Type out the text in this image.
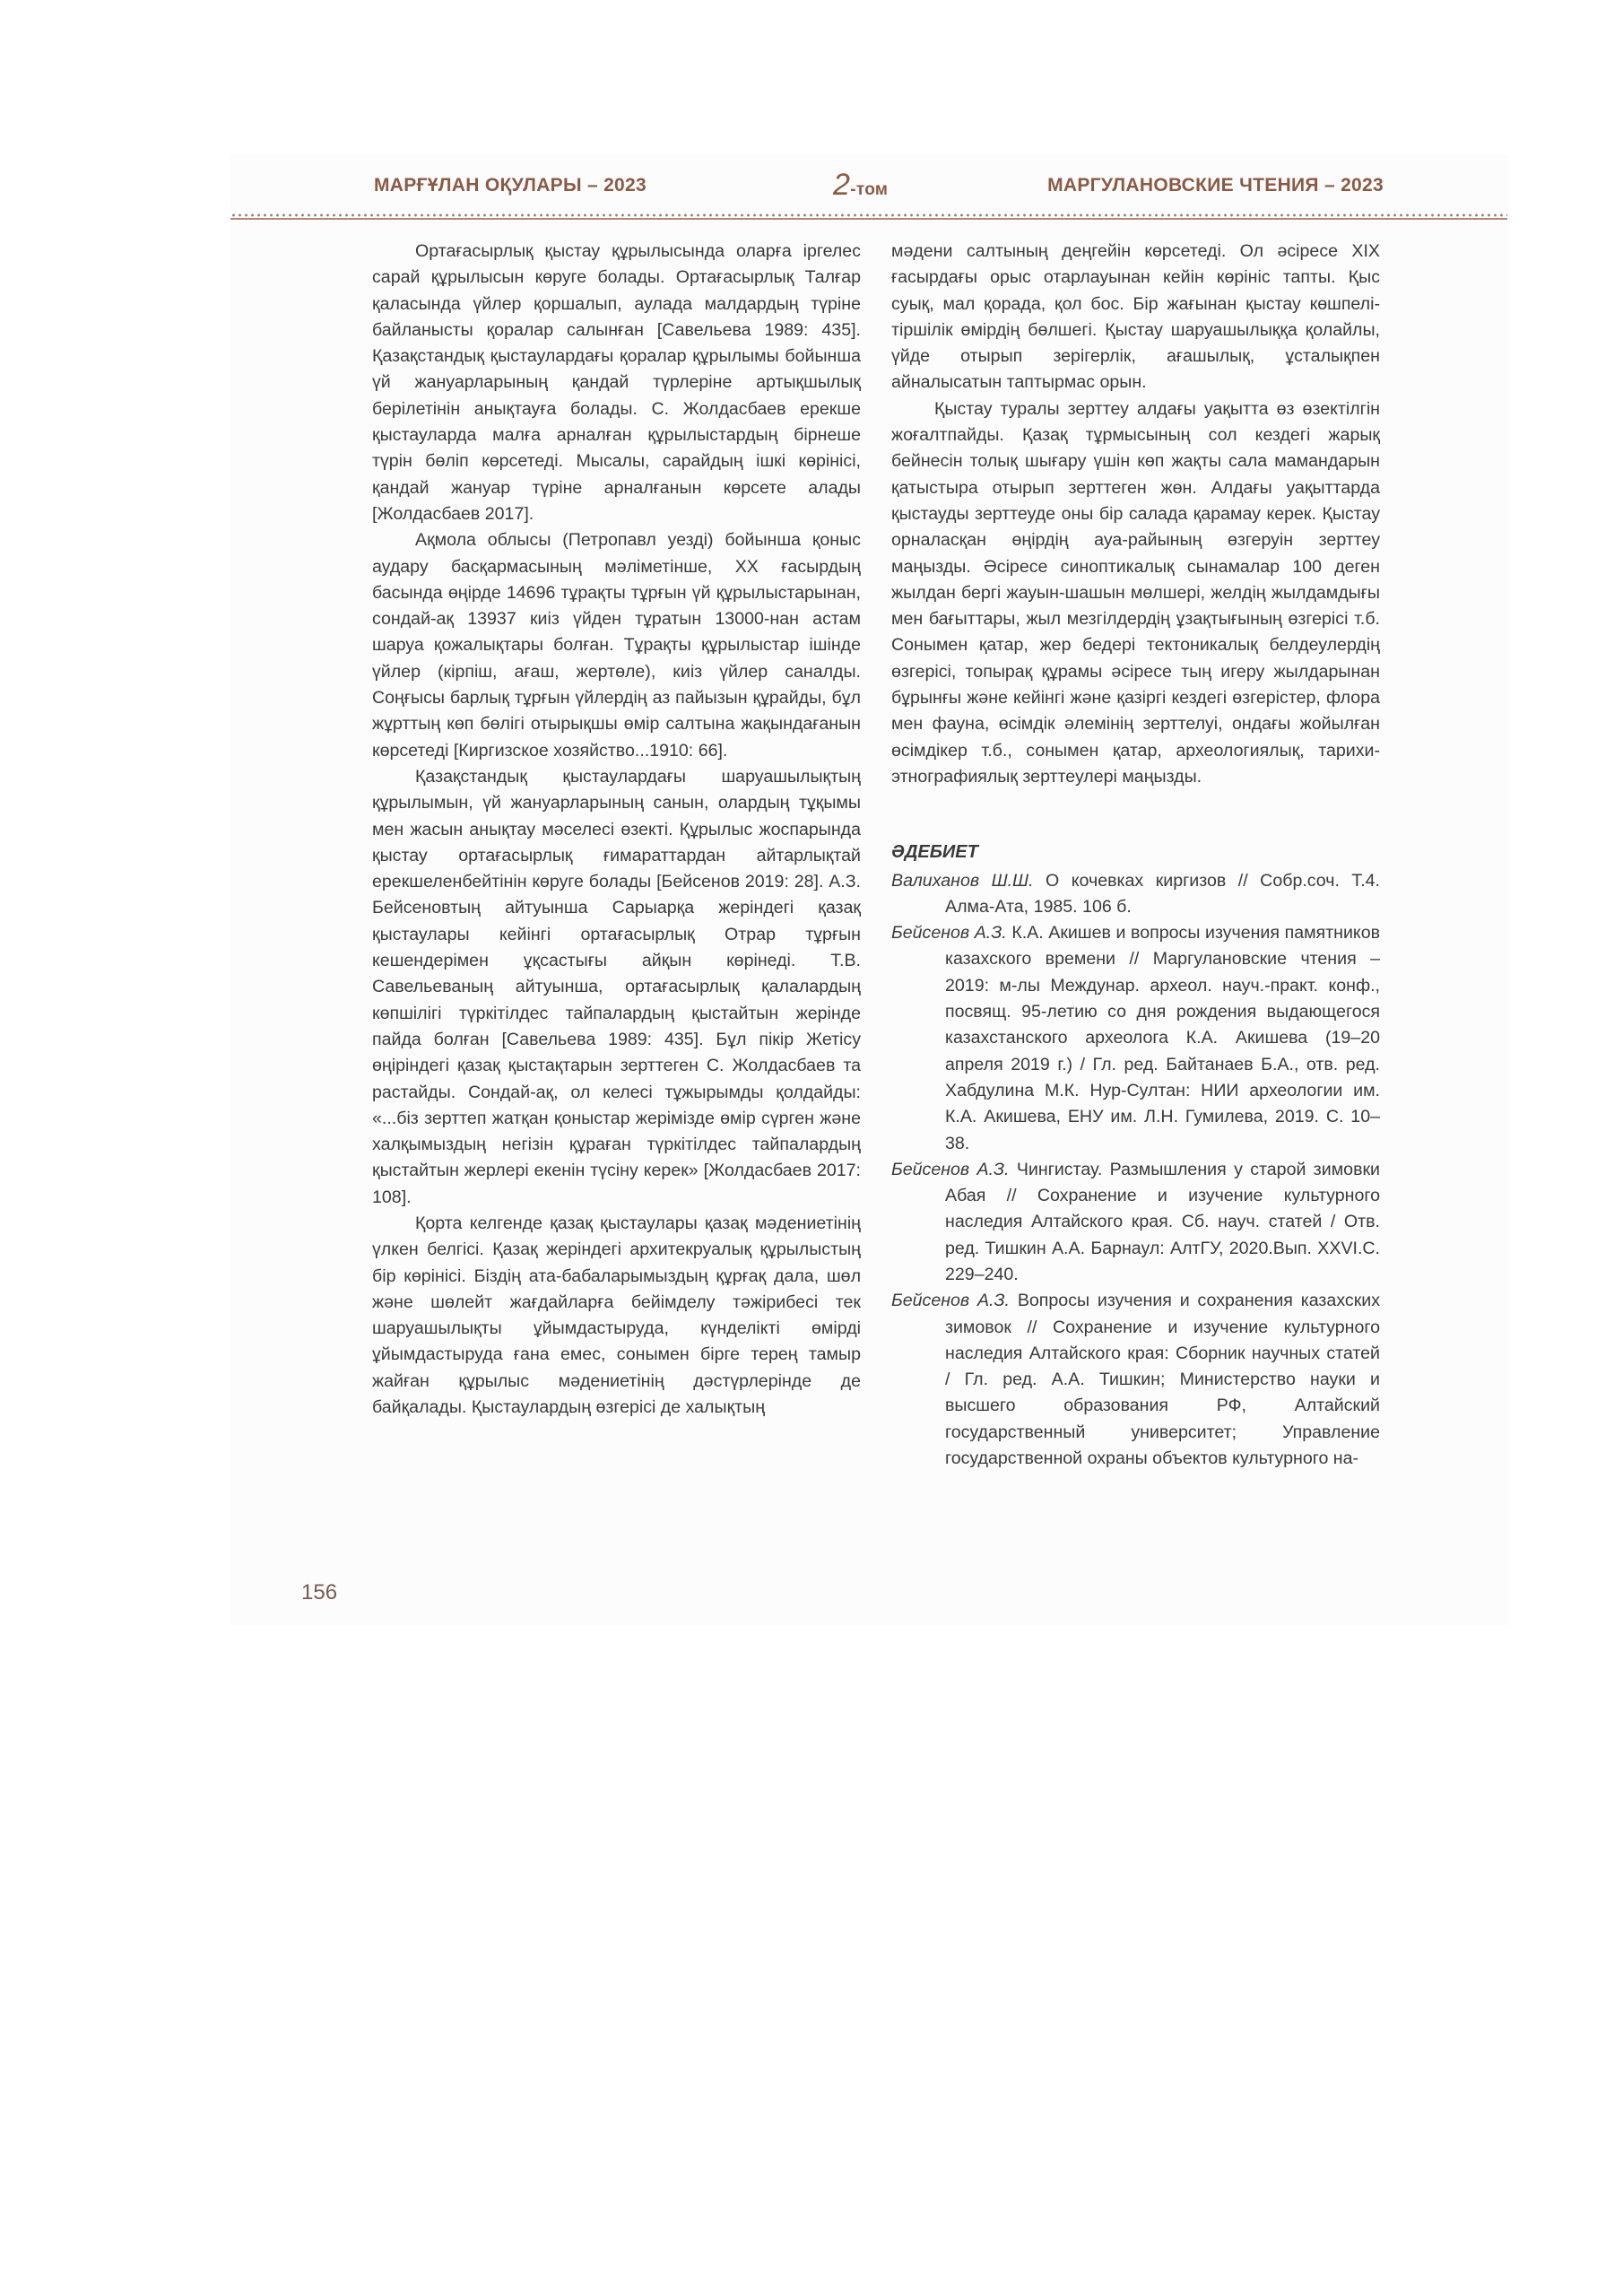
МАРҒҰЛАН ОҚУЛАРЫ – 2023	2-том	МАРГУЛАНОВСКИЕ ЧТЕНИЯ – 2023

Ортағасырлық қыстау құрылысында оларға іргелес сарай құрылысын көруге болады. Ортағасырлық Талғар қаласында үйлер қоршалып, аулада малдардың түріне байланысты қоралар салынған [Савельева 1989: 435]. Қазақстандық қыстаулардағы қоралар құрылымы бойынша үй жануарларының қандай түрлеріне артықшылық берілетінін анықтауға болады. С. Жолдасбаев ерекше қыстауларда малға арналған құрылыстардың бірнеше түрін бөліп көрсетеді. Мысалы, сарайдың ішкі көрінісі, қандай жануар түріне арналғанын көрсете алады [Жолдасбаев 2017].

Ақмола облысы (Петропавл уезді) бойынша қоныс аудару басқармасының мәліметінше, ХХ ғасырдың басында өңірде 14696 тұрақты тұрғын үй құрылыстарынан, сондай-ақ 13937 киіз үйден тұратын 13000-нан астам шаруа қожалықтары болған. Тұрақты құрылыстар ішінде үйлер (кірпіш, ағаш, жертөле), киіз үйлер саналды. Соңғысы барлық тұрғын үйлердің аз пайызын құрайды, бұл жұрттың көп бөлігі отырықшы өмір салтына жақындағанын көрсетеді [Киргизское хозяйство...1910: 66].

Қазақстандық қыстаулардағы шаруашылықтың құрылымын, үй жануарларының санын, олардың тұқымы мен жасын анықтау мәселесі өзекті. Құрылыс жоспарында қыстау ортағасырлық ғимараттардан айтарлықтай ерекшеленбейтінін көруге болады [Бейсенов 2019: 28]. А.З. Бейсеновтың айтуынша Сарыарқа жеріндегі қазақ қыстаулары кейінгі ортағасырлық Отрар тұрғын кешендерімен ұқсастығы айқын көрінеді. Т.В. Савельеваның айтуынша, ортағасырлық қалалардың көпшілігі түркітілдес тайпалардың қыстайтын жерінде пайда болған [Савельева 1989: 435]. Бұл пікір Жетісу өңіріндегі қазақ қыстақтарын зерттеген С. Жолдасбаев та растайды. Сондай-ақ, ол келесі тұжырымды қолдайды: «...біз зерттеп жатқан қоныстар жерімізде өмір сүрген және халқымыздың негізін құраған түркітілдес тайпалардың қыстайтын жерлері екенін түсіну керек» [Жолдасбаев 2017: 108].

Қорта келгенде қазақ қыстаулары қазақ мәдениетінің үлкен белгісі. Қазақ жеріндегі архитекруалық құрылыстың бір көрінісі. Біздің ата-бабаларымыздың құрғақ дала, шөл және шөлейт жағдайларға бейімделу тәжірибесі тек шаруашылықты ұйымдастыруда, күнделікті өмірді ұйымдастыруда ғана емес, сонымен бірге терең тамыр жайған құрылыс мәдениетінің дәстүрлерінде де байқалады. Қыстаулардың өзгерісі де халықтың

мәдени салтының деңгейін көрсетеді. Ол әсіресе ХІХ ғасырдағы орыс отарлауынан кейін көрініс тапты. Қыс суық, мал қорада, қол бос. Бір жағынан қыстау көшпелі-тіршілік өмірдің бөлшегі. Қыстау шаруашылыққа қолайлы, үйде отырып зерігерлік, ағашылық, ұсталықпен айналысатын таптырмас орын.

Қыстау туралы зерттеу алдағы уақытта өз өзектілгін жоғалтпайды. Қазақ тұрмысының сол кездегі жарық бейнесін толық шығару үшін көп жақты сала мамандарын қатыстыра отырып зерттеген жөн. Алдағы уақыттарда қыстауды зерттеуде оны бір салада қарамау керек. Қыстау орналасқан өңірдің ауа-райының өзгеруін зерттеу маңызды. Әсіресе синоптикалық сынамалар 100 деген жылдан бергі жауын-шашын мөлшері, желдің жылдамдығы мен бағыттары, жыл мезгілдердің ұзақтығының өзгерісі т.б. Сонымен қатар, жер бедері тектоникалық белдеулердің өзгерісі, топырақ құрамы әсіресе тың игеру жылдарынан бұрынғы және кейінгі және қазіргі кездегі өзгерістер, флора мен фауна, өсімдік әлемінің зерттелуі, ондағы жойылған өсімдікер т.б., сонымен қатар, археологиялық, тарихи-этнографиялық зерттеулері маңызды.

ӘДЕБИЕТ

Валиханов Ш.Ш. О кочевках киргизов // Собр.соч. Т.4. Алма-Ата, 1985. 106 б.

Бейсенов А.З. К.А. Акишев и вопросы изучения памятников казахского времени // Маргулановские чтения – 2019: м-лы Междунар. археол. науч.-практ. конф., посвящ. 95-летию со дня рождения выдающегося казахстанского археолога К.А. Акишева (19–20 апреля 2019 г.) / Гл. ред. Байтанаев Б.А., отв. ред. Хабдулина М.К. Нур-Султан: НИИ археологии им. К.А. Акишева, ЕНУ им. Л.Н. Гумилева, 2019. С. 10–38.

Бейсенов А.З. Чингистау. Размышления у старой зимовки Абая // Сохранение и изучение культурного наследия Алтайского края. Сб. науч. статей / Отв. ред. Тишкин А.А. Барнаул: АлтГУ, 2020.Вып. XXVI.С. 229–240.

Бейсенов А.З. Вопросы изучения и сохранения казахских зимовок // Сохранение и изучение культурного наследия Алтайского края: Сборник научных статей / Гл. ред. А.А. Тишкин; Министерство науки и высшего образования РФ, Алтайский государственный университет; Управление государственной охраны объектов культурного на-

156
